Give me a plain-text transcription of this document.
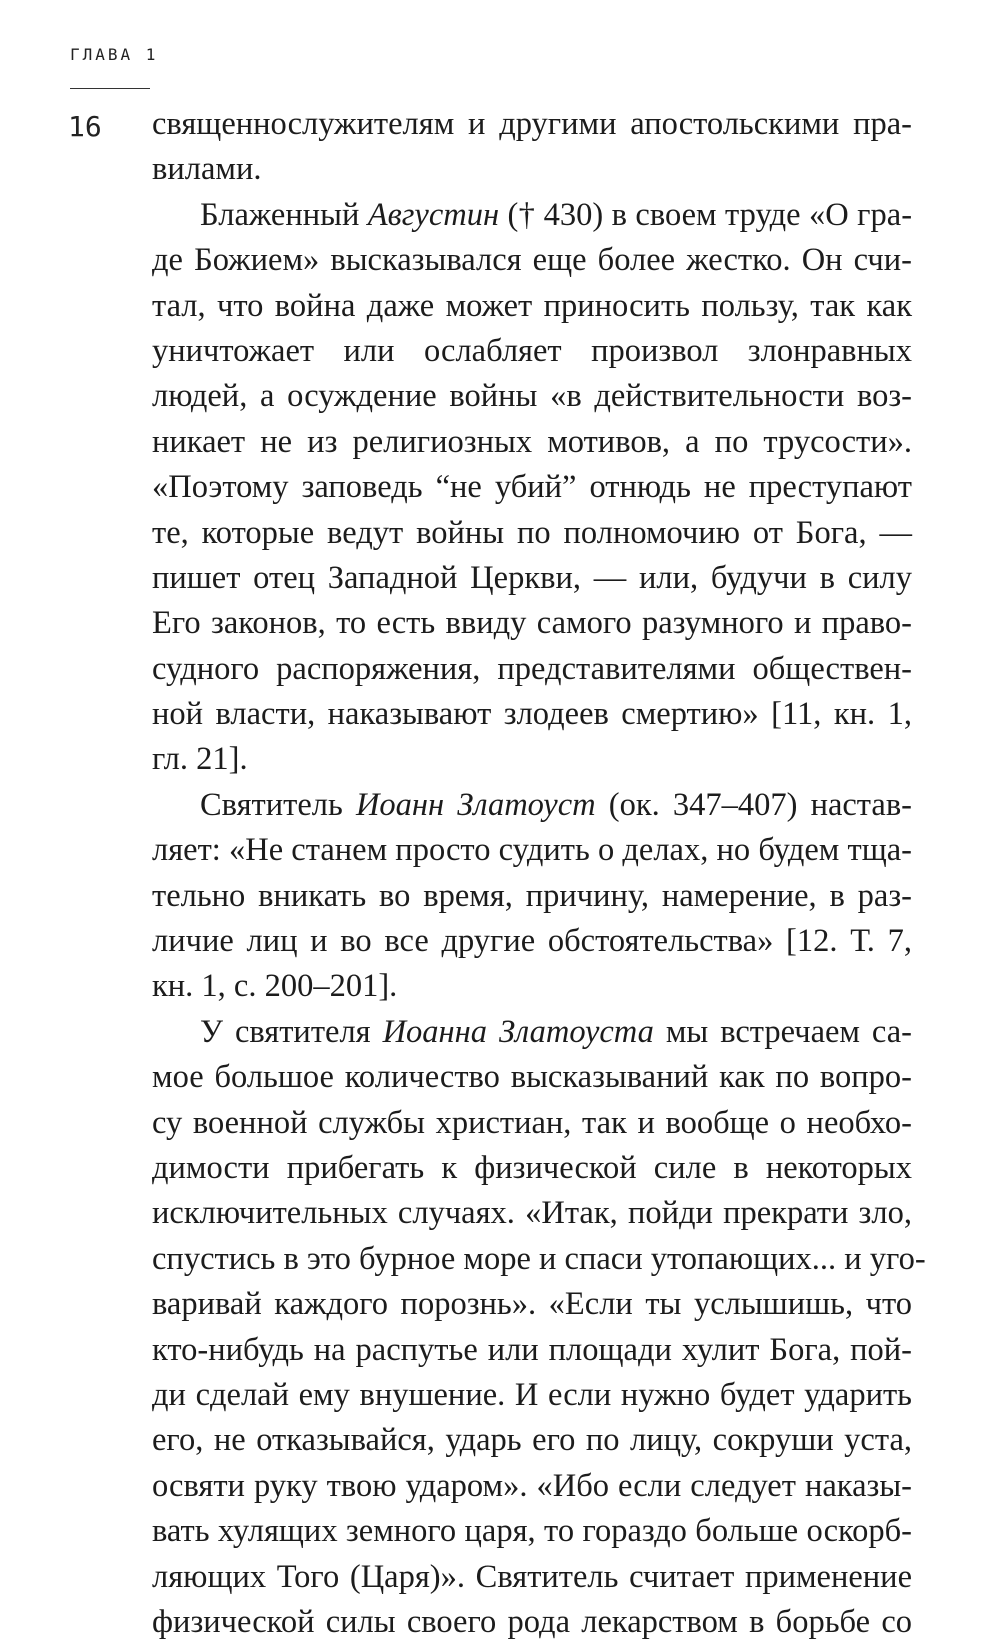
ГЛАВА 1
16 священнослужителям и другими апостольскими пра-
вилами.
Блаженный Августин († 430) в своем труде «О гра-
де Божием» высказывался еще более жестко. Он счи-
тал, что война даже может приносить пользу, так как
уничтожает или ослабляет произвол злонравных
людей, а осуждение войны «в действительности воз-
никает не из религиозных мотивов, а по трусости».
«Поэтому заповедь “не убий” отнюдь не преступают
те, которые ведут войны по полномочию от Бога, —
пишет отец Западной Церкви, — или, будучи в силу
Его законов, то есть ввиду самого разумного и право-
судного распоряжения, представителями обществен-
ной власти, наказывают злодеев смертию» [11, кн. 1,
гл. 21].
Святитель Иоанн Златоуст (ок. 347–407) настав-
ляет: «Не станем просто судить о делах, но будем тща-
тельно вникать во время, причину, намерение, в раз-
личие лиц и во все другие обстоятельства» [12. Т. 7,
кн. 1, с. 200–201].
У святителя Иоанна Златоуста мы встречаем са-
мое большое количество высказываний как по вопро-
су военной службы христиан, так и вообще о необхо-
димости прибегать к физической силе в некоторых
исключительных случаях. «Итак, пойди прекрати зло,
спустись в это бурное море и спаси утопающих... и уго-
варивай каждого порознь». «Если ты услышишь, что
кто-нибудь на распутье или площади хулит Бога, пой-
ди сделай ему внушение. И если нужно будет ударить
его, не отказывайся, ударь его по лицу, сокруши уста,
освяти руку твою ударом». «Ибо если следует наказы-
вать хулящих земного царя, то гораздо больше оскорб-
ляющих Того (Царя)». Святитель считает применение
физической силы своего рода лекарством в борьбе со
